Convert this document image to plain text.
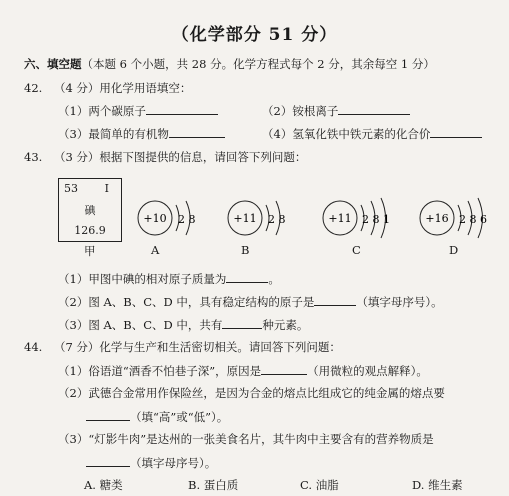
（化学部分 51 分）
六、填空题（本题 6 个小题，共 28 分。化学方程式每个 2 分，其余每空 1 分）
42. （4 分）用化学用语填空：
（1）两个碳原子	（2）铵根离子
（3）最简单的有机物	（4）氢氧化铁中铁元素的化合价
43. （3 分）根据下图提供的信息，请回答下列问题：
53 I
碘
126.9
甲
+10 2 8	+11 2 8	+11 2 8 1	+16 2 8 6
A	B	C	D
（1）甲图中碘的相对原子质量为	。
（2）图 A、B、C、D 中，具有稳定结构的原子是	（填字母序号）。
（3）图 A、B、C、D 中，共有	种元素。
44. （7 分）化学与生产和生活密切相关。请回答下列问题：
（1）俗语道“酒香不怕巷子深”，原因是	（用微粒的观点解释）。
（2）武德合金常用作保险丝，是因为合金的熔点比组成它的纯金属的熔点要
（填“高”或“低”）。
（3）“灯影牛肉”是达州的一张美食名片，其牛肉中主要含有的营养物质是
（填字母序号）。
A. 糖类	B. 蛋白质	C. 油脂	D. 维生素
